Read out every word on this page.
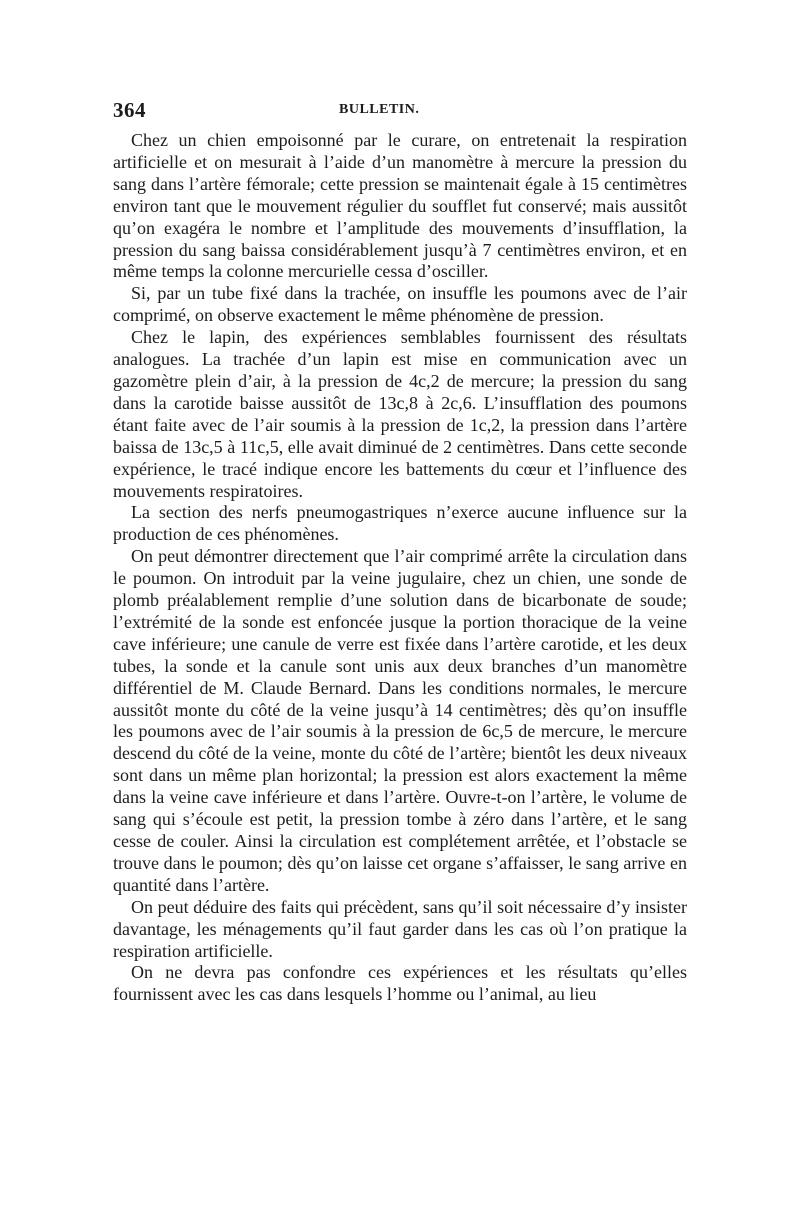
364	BULLETIN.

Chez un chien empoisonné par le curare, on entretenait la respiration artificielle et on mesurait à l’aide d’un manomètre à mercure la pression du sang dans l’artère fémorale; cette pression se maintenait égale à 15 centimètres environ tant que le mouvement régulier du soufflet fut conservé; mais aussitôt qu’on exagéra le nombre et l’amplitude des mouvements d’insufflation, la pression du sang baissa considérablement jusqu’à 7 centimètres environ, et en même temps la colonne mercurielle cessa d’osciller.

Si, par un tube fixé dans la trachée, on insuffle les poumons avec de l’air comprimé, on observe exactement le même phénomène de pression.

Chez le lapin, des expériences semblables fournissent des résultats analogues. La trachée d’un lapin est mise en communication avec un gazomètre plein d’air, à la pression de 4c,2 de mercure; la pression du sang dans la carotide baisse aussitôt de 13c,8 à 2c,6. L’insufflation des poumons étant faite avec de l’air soumis à la pression de 1c,2, la pression dans l’artère baissa de 13c,5 à 11c,5, elle avait diminué de 2 centimètres. Dans cette seconde expérience, le tracé indique encore les battements du cœur et l’influence des mouvements respiratoires.

La section des nerfs pneumogastriques n’exerce aucune influence sur la production de ces phénomènes.

On peut démontrer directement que l’air comprimé arrête la circulation dans le poumon. On introduit par la veine jugulaire, chez un chien, une sonde de plomb préalablement remplie d’une solution dans de bicarbonate de soude; l’extrémité de la sonde est enfoncée jusque la portion thoracique de la veine cave inférieure; une canule de verre est fixée dans l’artère carotide, et les deux tubes, la sonde et la canule sont unis aux deux branches d’un manomètre différentiel de M. Claude Bernard. Dans les conditions normales, le mercure aussitôt monte du côté de la veine jusqu’à 14 centimètres; dès qu’on insuffle les poumons avec de l’air soumis à la pression de 6c,5 de mercure, le mercure descend du côté de la veine, monte du côté de l’artère; bientôt les deux niveaux sont dans un même plan horizontal; la pression est alors exactement la même dans la veine cave inférieure et dans l’artère. Ouvre-t-on l’artère, le volume de sang qui s’écoule est petit, la pression tombe à zéro dans l’artère, et le sang cesse de couler. Ainsi la circulation est complétement arrêtée, et l’obstacle se trouve dans le poumon; dès qu’on laisse cet organe s’affaisser, le sang arrive en quantité dans l’artère.

On peut déduire des faits qui précèdent, sans qu’il soit nécessaire d’y insister davantage, les ménagements qu’il faut garder dans les cas où l’on pratique la respiration artificielle.

On ne devra pas confondre ces expériences et les résultats qu’elles fournissent avec les cas dans lesquels l’homme ou l’animal, au lieu
